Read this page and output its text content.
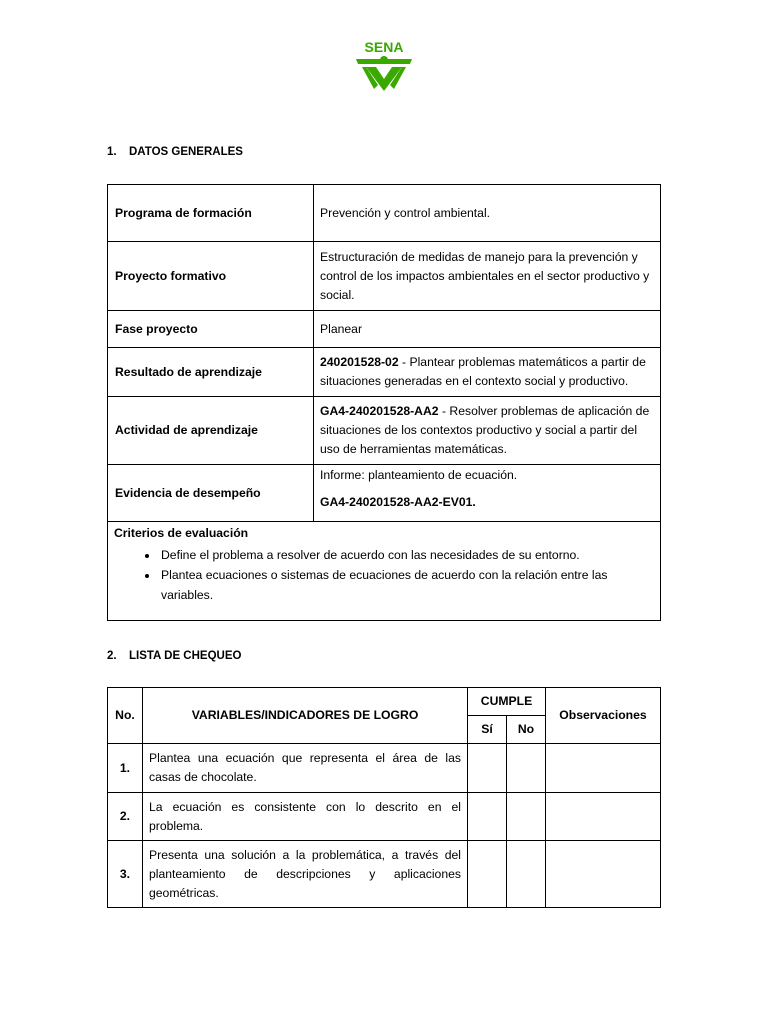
SENA
1. DATOS GENERALES
Programa de formación	Prevención y control ambiental.
Proyecto formativo	Estructuración de medidas de manejo para la prevención y control de los impactos ambientales en el sector productivo y social.
Fase proyecto	Planear
Resultado de aprendizaje	240201528-02 - Plantear problemas matemáticos a partir de situaciones generadas en el contexto social y productivo.
Actividad de aprendizaje	GA4-240201528-AA2 - Resolver problemas de aplicación de situaciones de los contextos productivo y social a partir del uso de herramientas matemáticas.
Evidencia de desempeño	Informe: planteamiento de ecuación.
GA4-240201528-AA2-EV01.
Criterios de evaluación
• Define el problema a resolver de acuerdo con las necesidades de su entorno.
• Plantea ecuaciones o sistemas de ecuaciones de acuerdo con la relación entre las variables.
2. LISTA DE CHEQUEO
No.	VARIABLES/INDICADORES DE LOGRO	CUMPLE		Observaciones
		Sí	No	
1.	Plantea una ecuación que representa el área de las casas de chocolate.			
2.	La ecuación es consistente con lo descrito en el problema.			
3.	Presenta una solución a la problemática, a través del planteamiento de descripciones y aplicaciones geométricas.			
